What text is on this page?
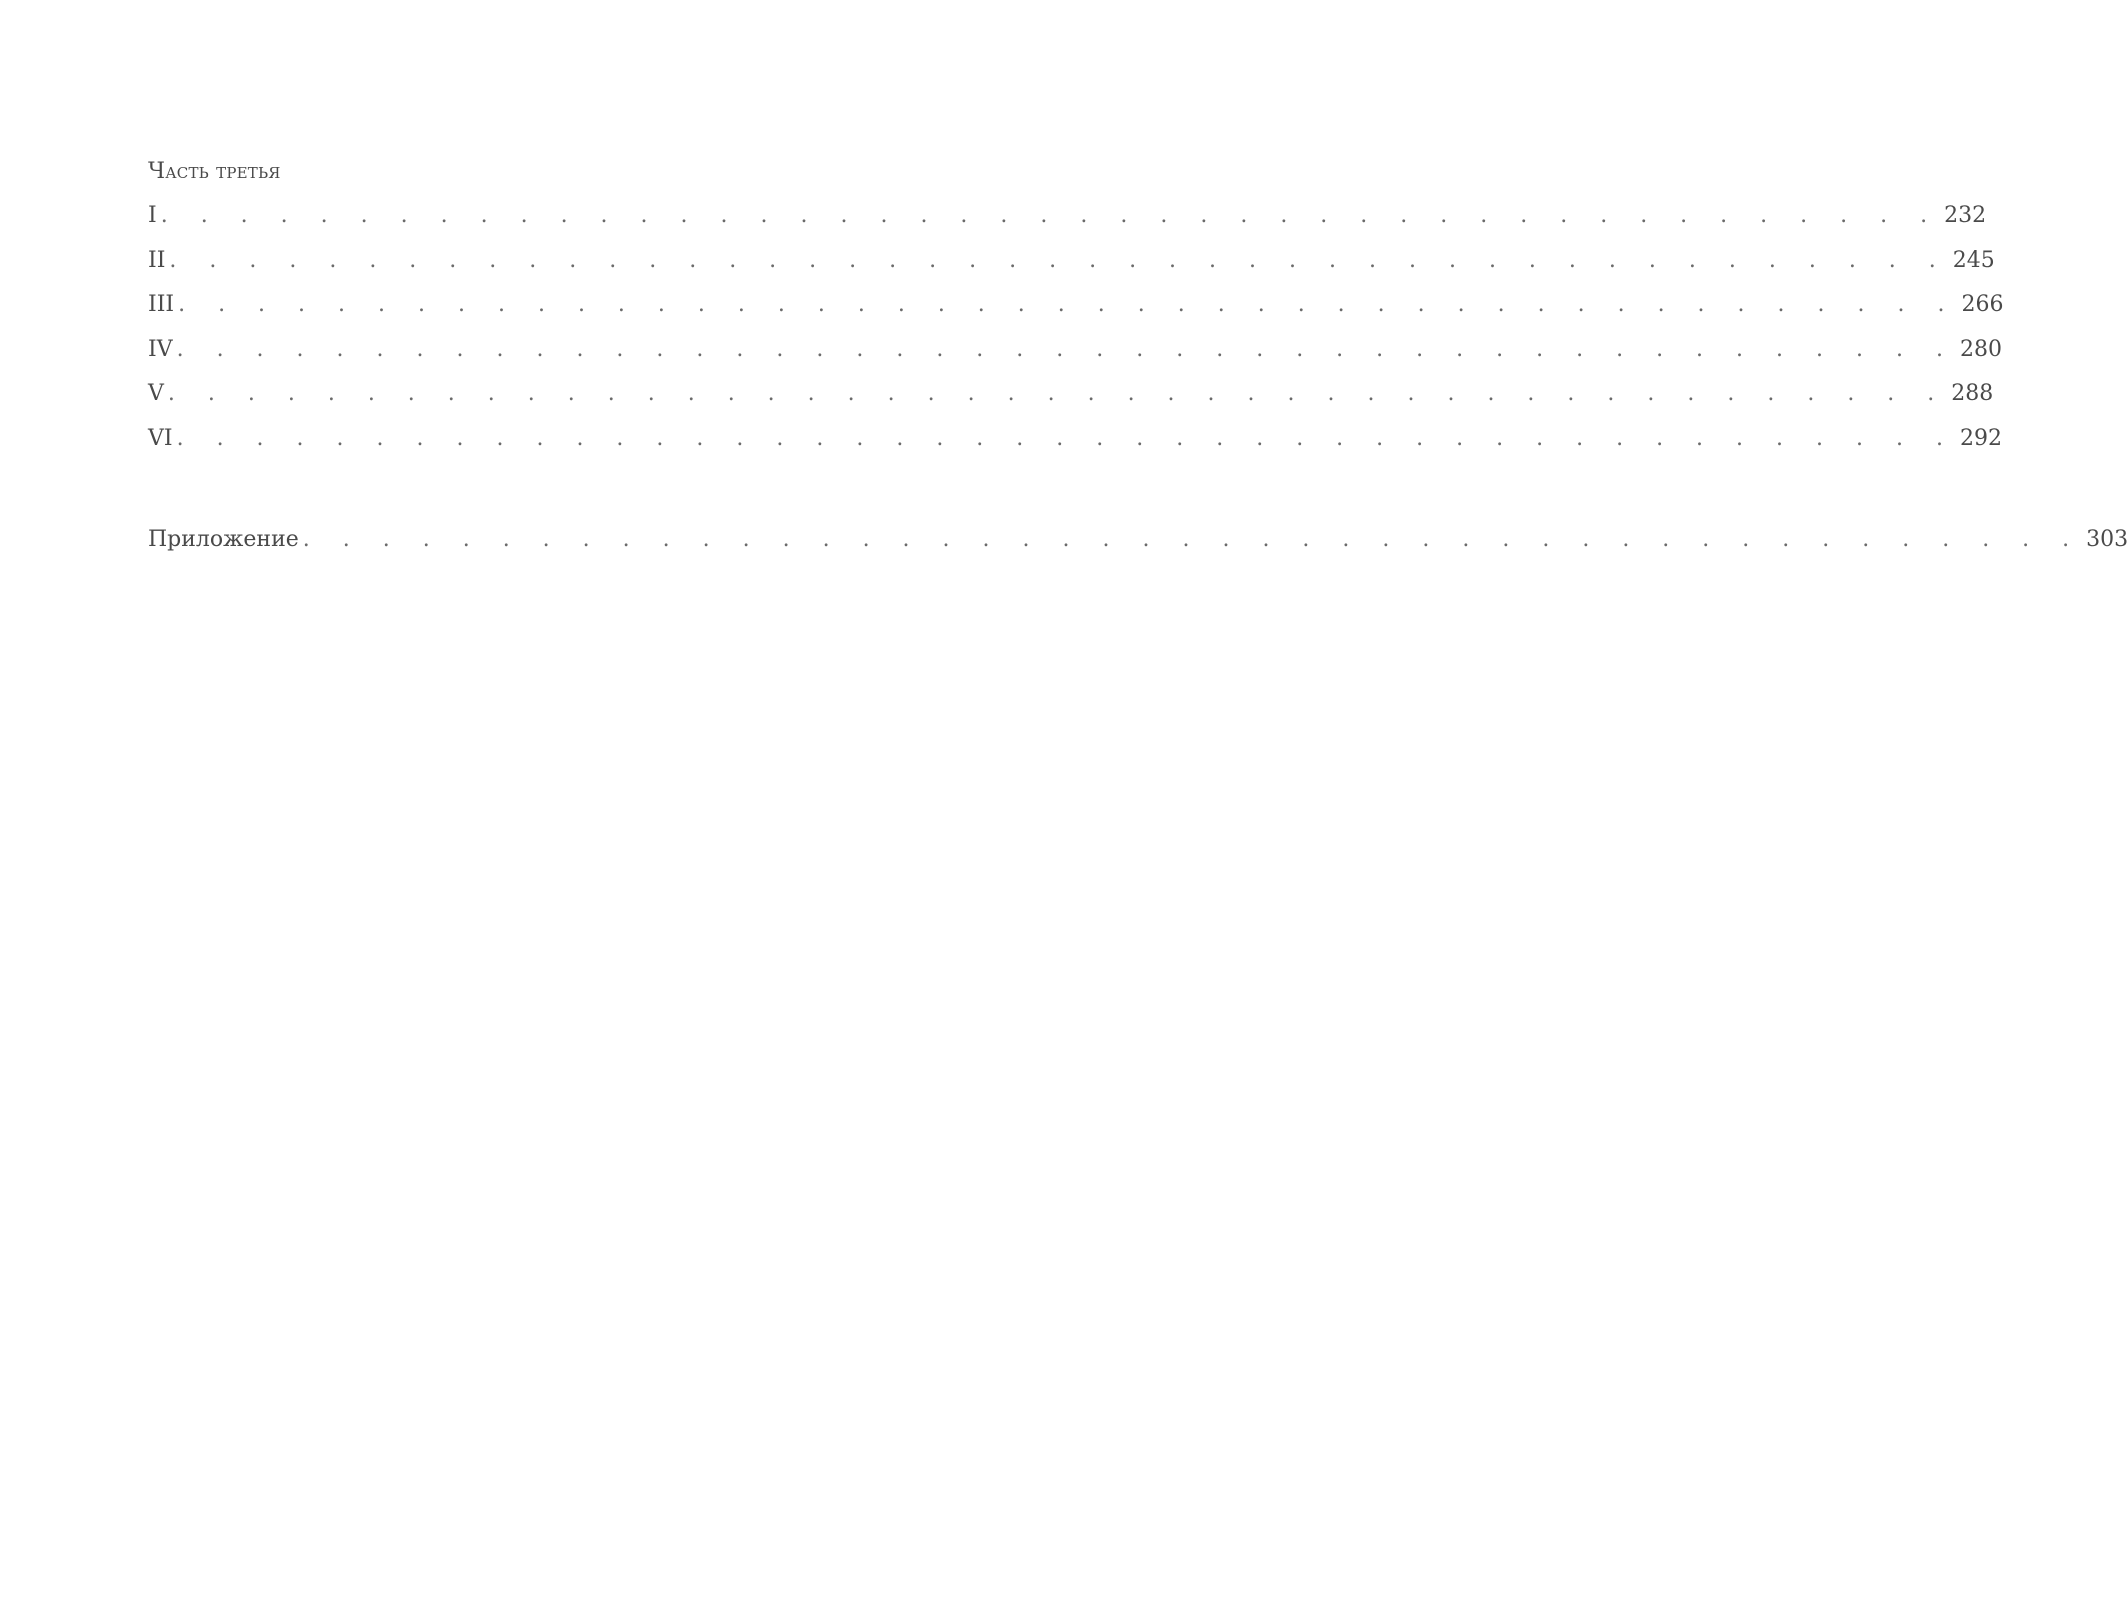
Часть третья
I . . . . . . . . . . . . . . . . . . . . . . . . . . . . . . . . . . . . . . . . . . . . . 232
II . . . . . . . . . . . . . . . . . . . . . . . . . . . . . . . . . . . . . . . . . . . . . 245
III . . . . . . . . . . . . . . . . . . . . . . . . . . . . . . . . . . . . . . . . . . . . . 266
IV . . . . . . . . . . . . . . . . . . . . . . . . . . . . . . . . . . . . . . . . . . . . . 280
V . . . . . . . . . . . . . . . . . . . . . . . . . . . . . . . . . . . . . . . . . . . . . 288
VI . . . . . . . . . . . . . . . . . . . . . . . . . . . . . . . . . . . . . . . . . . . . . 292
Приложение . . . . . . . . . . . . . . . . . . . . . . . . . . . . . . . . . . . . . . . . . . . . . 303
